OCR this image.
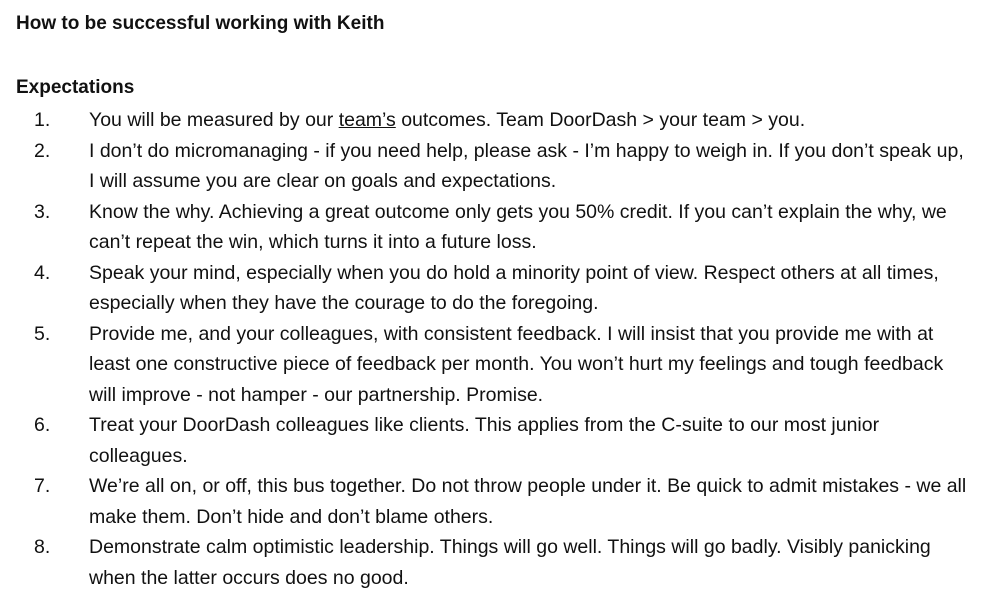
How to be successful working with Keith
Expectations
1.	You will be measured by our team’s outcomes. Team DoorDash > your team > you.
2.	I don’t do micromanaging - if you need help, please ask - I’m happy to weigh in. If you don’t speak up, I will assume you are clear on goals and expectations.
3.	Know the why. Achieving a great outcome only gets you 50% credit. If you can’t explain the why, we can’t repeat the win, which turns it into a future loss.
4.	Speak your mind, especially when you do hold a minority point of view. Respect others at all times, especially when they have the courage to do the foregoing.
5.	Provide me, and your colleagues, with consistent feedback. I will insist that you provide me with at least one constructive piece of feedback per month. You won’t hurt my feelings and tough feedback will improve - not hamper - our partnership. Promise.
6.	Treat your DoorDash colleagues like clients. This applies from the C-suite to our most junior colleagues.
7.	We’re all on, or off, this bus together. Do not throw people under it. Be quick to admit mistakes - we all make them. Don’t hide and don’t blame others.
8.	Demonstrate calm optimistic leadership. Things will go well. Things will go badly. Visibly panicking when the latter occurs does no good.
